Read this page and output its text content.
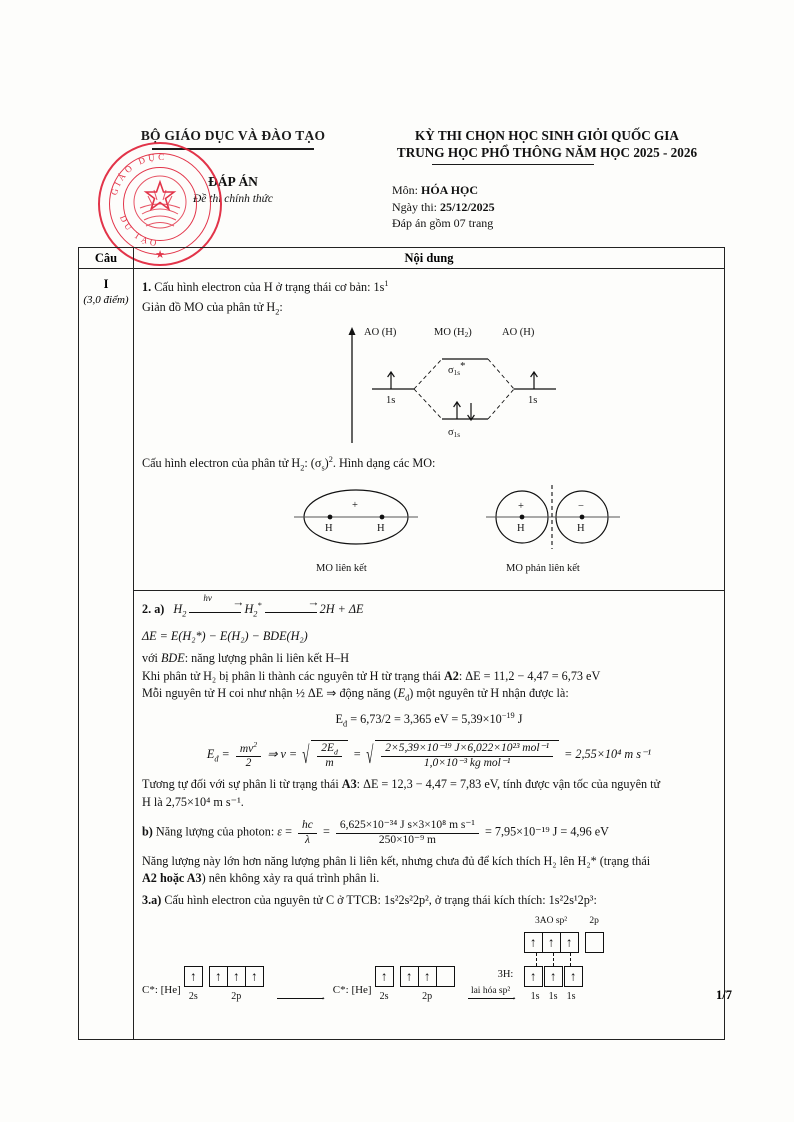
BỘ GIÁO DỤC VÀ ĐÀO TẠO
ĐÁP ÁN
Đề thi chính thức
KỲ THI CHỌN HỌC SINH GIỎI QUỐC GIA
TRUNG HỌC PHỔ THÔNG NĂM HỌC 2025 - 2026
Môn: HÓA HỌC
Ngày thi: 25/12/2025
Đáp án gồm 07 trang
GIÁO DỤC
DU TẠO
★
Câu	Nội dung
I
(3,0 điểm)
1. Cấu hình electron của H ở trạng thái cơ bản: $1s^1$
Giản đồ MO của phân tử $H_2$:
AO (H)	MO (H2)	AO (H)
1s	1s
σ1s*
σ1s
Cấu hình electron của phân tử $H_2$: $(\sigma_s)^2$. Hình dạng các MO:
H	H
+
MO liên kết
H	H
+	−
MO phản liên kết
2. a) $H_2$
hv → $H_2^*$	→ 2H + ΔE
ΔE = E(H₂*) − E(H₂) − BDE(H₂)
với BDE: năng lượng phân li liên kết H–H
Khi phân tử H₂ bị phân li thành các nguyên tử H từ trạng thái A2: ΔE = 11,2 − 4,47 = 6,73 eV
Mỗi nguyên tử H coi như nhận ½ ΔE ⇒ động năng $(E_đ)$ một nguyên tử H nhận được là:
$E_đ = 6,73/2 = 3,365$ eV = $5,39\times 10^{-19}$ J
$E_đ = \frac{mv^2}{2}$ ⇒ v = √ $\frac{2E_đ}{m}$ = √ $\frac{\text{2×5,39×10⁻¹⁹ J×6,022×10²³ mol⁻¹}}{\text{1,0×10⁻³ kg mol⁻¹}} = 2,55\times 10^4$ m s⁻¹
Tương tự đối với sự phân li từ trạng thái A3: ΔE = 12,3 − 4,47 = 7,83 eV, tính được vận tốc của nguyên tử
H là 2,75×10⁴ m s⁻¹.
b) Năng lượng của photon: $\varepsilon = \frac{hc}{\lambda} = \frac{\text{6,625×10⁻³⁴ J s×3×10⁸ m s⁻¹}}{\text{250×10⁻⁹ m}} = 7,95\times 10^{-19}$ J = 4,96 eV
Năng lượng này lớn hơn năng lượng phân li liên kết, nhưng chưa đủ để kích thích H₂ lên H₂* (trạng thái
A2 hoặc A3) nên không xảy ra quá trình phân li.
3.a) Cấu hình electron của nguyên tử C ở TTCB: 1s²2s²2p², ở trạng thái kích thích: 1s²2s¹2p³:
C*: [He]
↑
2s
↑
↑
↑	2p	→
C*: [He]
↑
2s
↑
↑	2p	lai hóa sp²
→
3AO sp²
↑
↑
↑ 2p
3H:
↑
↑
↑
1s 1s 1s	1/7
